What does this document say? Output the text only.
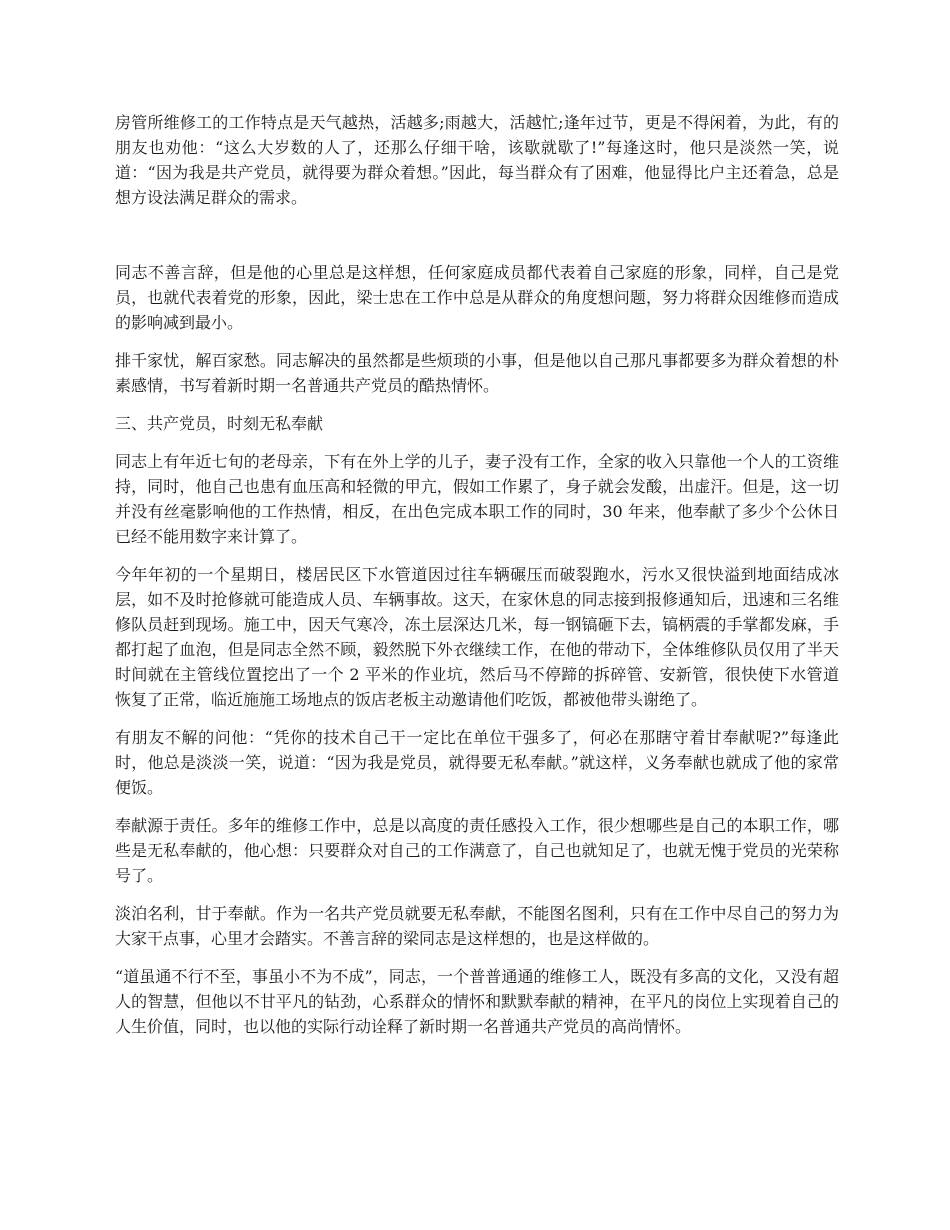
房管所维修工的工作特点是天气越热，活越多;雨越大，活越忙;逢年过节，更是不得闲着，为此，有的朋友也劝他：“这么大岁数的人了，还那么仔细干啥，该歇就歇了!”每逢这时，他只是淡然一笑，说道：“因为我是共产党员，就得要为群众着想。”因此，每当群众有了困难，他显得比户主还着急，总是想方设法满足群众的需求。

同志不善言辞，但是他的心里总是这样想，任何家庭成员都代表着自己家庭的形象，同样，自己是党员，也就代表着党的形象，因此，梁士忠在工作中总是从群众的角度想问题，努力将群众因维修而造成的影响减到最小。

排千家忧，解百家愁。同志解决的虽然都是些烦琐的小事，但是他以自己那凡事都要多为群众着想的朴素感情，书写着新时期一名普通共产党员的酷热情怀。

三、共产党员，时刻无私奉献

同志上有年近七旬的老母亲，下有在外上学的儿子，妻子没有工作，全家的收入只靠他一个人的工资维持，同时，他自己也患有血压高和轻微的甲亢，假如工作累了，身子就会发酸，出虚汗。但是，这一切并没有丝毫影响他的工作热情，相反，在出色完成本职工作的同时，30 年来，他奉献了多少个公休日已经不能用数字来计算了。

今年年初的一个星期日，楼居民区下水管道因过往车辆碾压而破裂跑水，污水又很快溢到地面结成冰层，如不及时抢修就可能造成人员、车辆事故。这天，在家休息的同志接到报修通知后，迅速和三名维修队员赶到现场。施工中，因天气寒冷，冻土层深达几米，每一钢镐砸下去，镐柄震的手掌都发麻，手都打起了血泡，但是同志全然不顾，毅然脱下外衣继续工作，在他的带动下，全体维修队员仅用了半天时间就在主管线位置挖出了一个 2 平米的作业坑，然后马不停蹄的拆碎管、安新管，很快使下水管道恢复了正常，临近施施工场地点的饭店老板主动邀请他们吃饭，都被他带头谢绝了。

有朋友不解的问他：“凭你的技术自己干一定比在单位干强多了，何必在那瞎守着甘奉献呢?”每逢此时，他总是淡淡一笑，说道：“因为我是党员，就得要无私奉献。”就这样，义务奉献也就成了他的家常便饭。

奉献源于责任。多年的维修工作中，总是以高度的责任感投入工作，很少想哪些是自己的本职工作，哪些是无私奉献的，他心想：只要群众对自己的工作满意了，自己也就知足了，也就无愧于党员的光荣称号了。

淡泊名利，甘于奉献。作为一名共产党员就要无私奉献，不能图名图利，只有在工作中尽自己的努力为大家干点事，心里才会踏实。不善言辞的梁同志是这样想的，也是这样做的。

“道虽通不行不至，事虽小不为不成”，同志，一个普普通通的维修工人，既没有多高的文化，又没有超人的智慧，但他以不甘平凡的钻劲，心系群众的情怀和默默奉献的精神，在平凡的岗位上实现着自己的人生价值，同时，也以他的实际行动诠释了新时期一名普通共产党员的高尚情怀。
